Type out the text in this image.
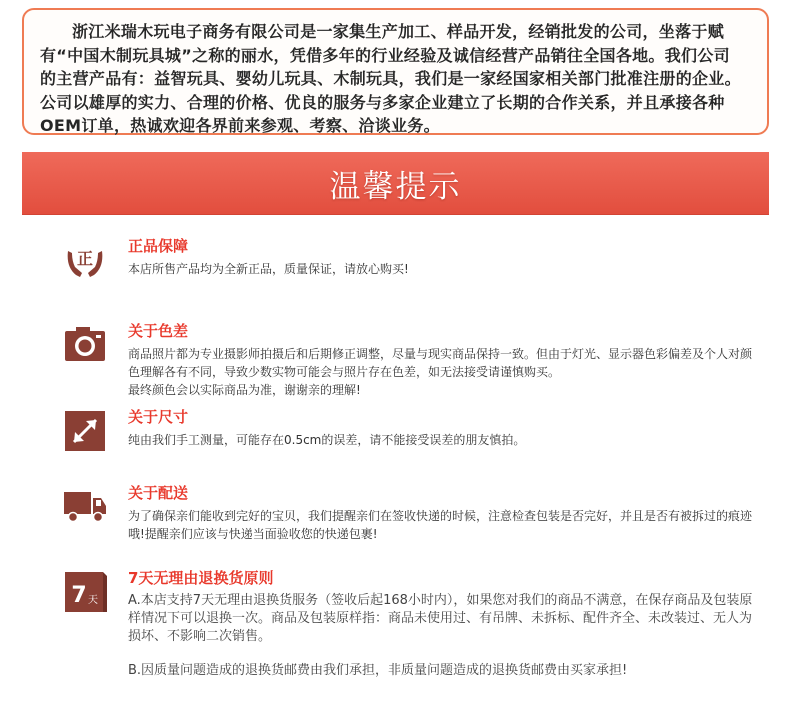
浙江米瑞木玩电子商务有限公司是一家集生产加工、样品开发，经销批发的公司，坐落于赋有“中国木制玩具城”之称的丽水，凭借多年的行业经验及诚信经营产品销往全国各地。我们公司 的主营产品有：益智玩具、婴幼儿玩具、木制玩具，我们是一家经国家相关部门批准注册的企业。公司以雄厚的实力、合理的价格、优良的服务与多家企业建立了长期的合作关系，并且承接各种OEM订单，热诚欢迎各界前来参观、考察、洽谈业务。
温馨提示
正
正品保障
本店所售产品均为全新正品，质量保证，请放心购买!
关于色差
商品照片都为专业摄影师拍摄后和后期修正调整，尽量与现实商品保持一致。但由于灯光、显示器色彩偏差及个人对颜色理解各有不同，导致少数实物可能会与照片存在色差，如无法接受请谨慎购买。
最终颜色会以实际商品为准，谢谢亲的理解!
关于尺寸
纯由我们手工测量，可能存在0.5cm的误差，请不能接受误差的朋友慎拍。
关于配送
为了确保亲们能收到完好的宝贝，我们提醒亲们在签收快递的时候，注意检查包装是否完好，并且是否有被拆过的痕迹哦!提醒亲们应该与快递当面验收您的快递包裹!
7 天
7天无理由退换货原则
A.本店支持7天无理由退换货服务（签收后起168小时内），如果您对我们的商品不满意，在保存商品及包装原样情况下可以退换一次。商品及包装原样指：商品未使用过、有吊牌、未拆标、配件齐全、未改装过、无人为损坏、不影响二次销售。
B.因质量问题造成的退换货邮费由我们承担，非质量问题造成的退换货邮费由买家承担!
